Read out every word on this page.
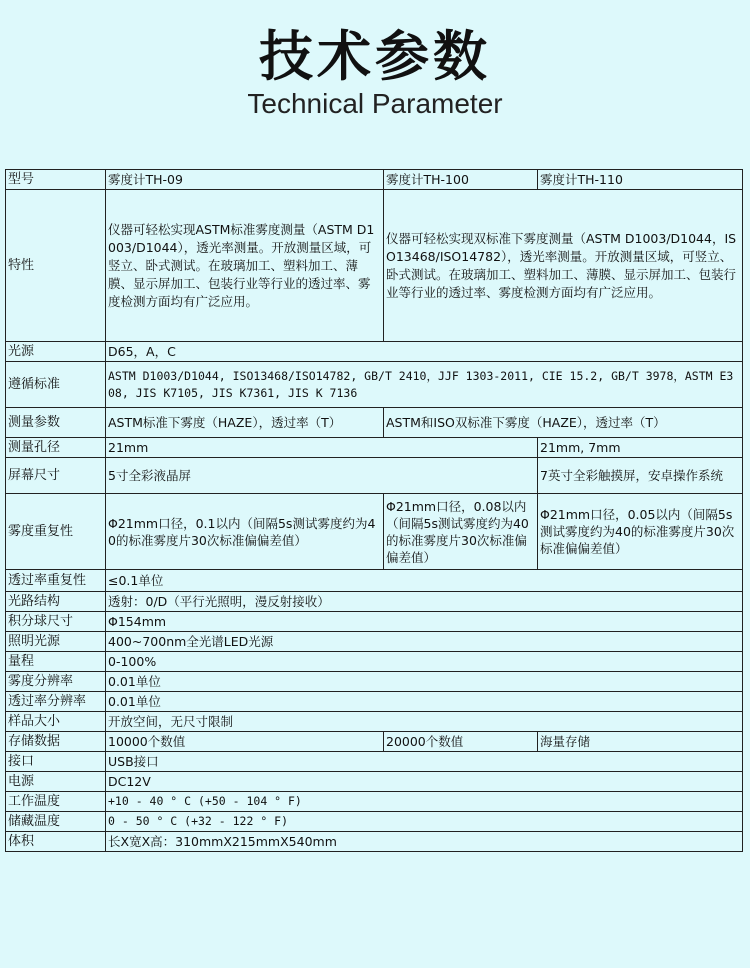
技术参数
Technical Parameter
型号	雾度计TH-09	雾度计TH-100	雾度计TH-110
特性	仪器可轻松实现ASTM标准雾度测量（ASTM D1003/D1044），透光率测量。开放测量区域，可竖立、卧式测试。在玻璃加工、塑料加工、薄膜、显示屏加工、包装行业等行业的透过率、雾度检测方面均有广泛应用。	仪器可轻松实现双标准下雾度测量（ASTM D1003/D1044，ISO13468/ISO14782），透光率测量。开放测量区域，可竖立、卧式测试。在玻璃加工、塑料加工、薄膜、显示屏加工、包装行业等行业的透过率、雾度检测方面均有广泛应用。	
光源	D65，A，C		
遵循标准	ASTM D1003/D1044, ISO13468/ISO14782, GB/T 2410，JJF 1303-2011, CIE 15.2, GB/T 3978，ASTM E308, JIS K7105, JIS K7361, JIS K 7136		
测量参数	ASTM标准下雾度（HAZE），透过率（T）	ASTM和ISO双标准下雾度（HAZE），透过率（T）	
测量孔径	21mm		21mm, 7mm
屏幕尺寸	5寸全彩液晶屏		7英寸全彩触摸屏，安卓操作系统
雾度重复性	Φ21mm口径，0.1以内（间隔5s测试雾度约为40的标准雾度片30次标准偏偏差值）	Φ21mm口径，0.08以内（间隔5s测试雾度约为40的标准雾度片30次标准偏偏差值）	Φ21mm口径，0.05以内（间隔5s测试雾度约为40的标准雾度片30次标准偏偏差值）
透过率重复性	≤0.1单位		
光路结构	透射：0/D（平行光照明，漫反射接收）		
积分球尺寸	Φ154mm		
照明光源	400~700nm全光谱LED光源		
量程	0-100%		
雾度分辨率	0.01单位		
透过率分辨率	0.01单位		
样品大小	开放空间，无尺寸限制		
存储数据	10000个数值	20000个数值	海量存储
接口	USB接口		
电源	DC12V		
工作温度	+10 - 40 ° C (+50 - 104 ° F)		
储藏温度	0 - 50 ° C (+32 - 122 ° F)		
体积	长X宽X高：310mmX215mmX540mm		
